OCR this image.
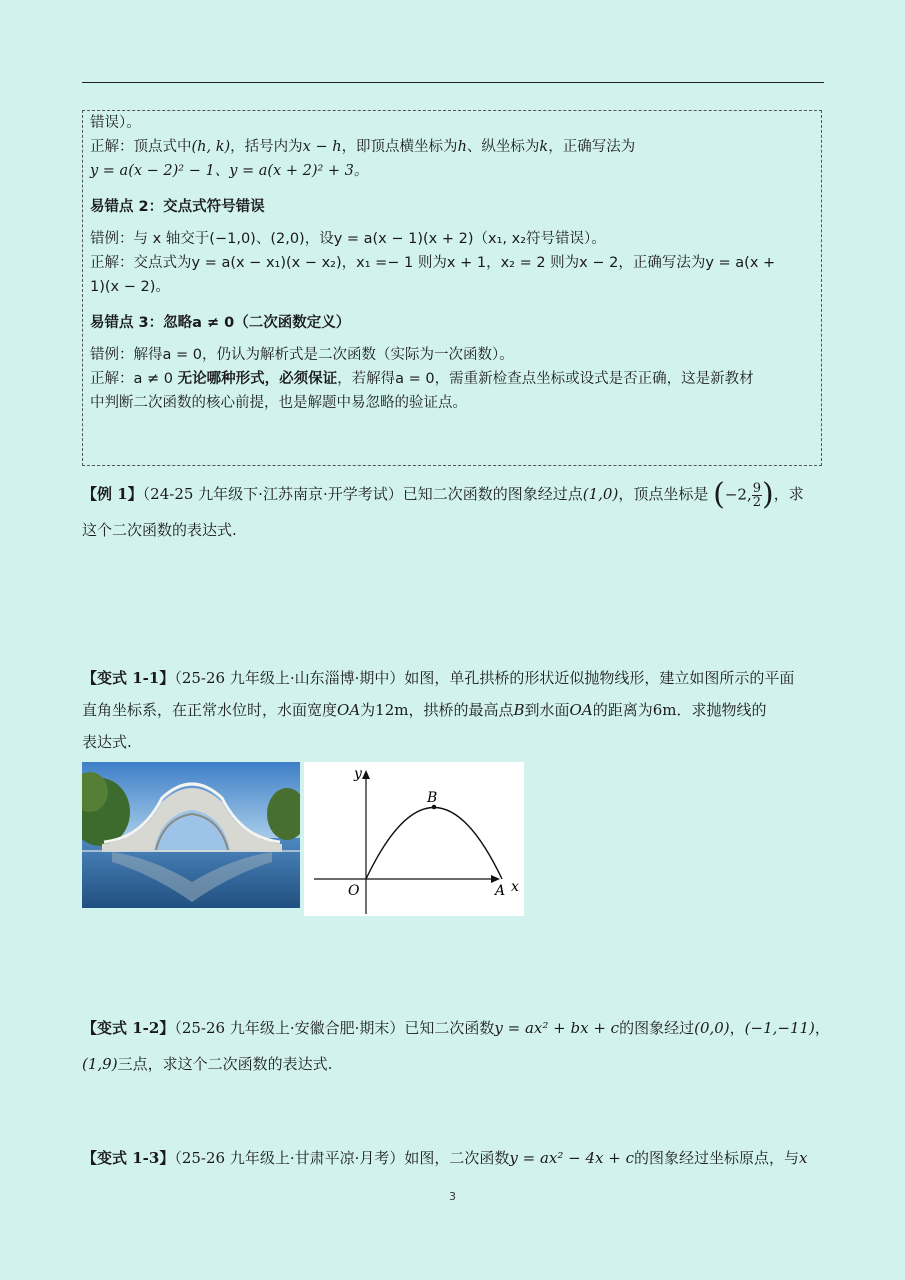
错误）。
正解：顶点式中(h, k)，括号内为x − h，即顶点横坐标为h、纵坐标为k，正确写法为
y = a(x − 2)² − 1、y = a(x + 2)² + 3。
易错点 2：交点式符号错误
错例：与 x 轴交于(−1,0)、(2,0)，设y = a(x − 1)(x + 2)（x₁, x₂符号错误）。
正解：交点式为y = a(x − x₁)(x − x₂)，x₁ =− 1 则为x + 1，x₂ = 2 则为x − 2，正确写法为y = a(x +
1)(x − 2)。
易错点 3：忽略a ≠ 0（二次函数定义）
错例：解得a = 0，仍认为解析式是二次函数（实际为一次函数）。
正解：a ≠ 0 无论哪种形式，必须保证，若解得a = 0，需重新检查点坐标或设式是否正确，这是新教材
中判断二次函数的核心前提，也是解题中易忽略的验证点。
【例 1】（24-25 九年级下·江苏南京·开学考试）已知二次函数的图象经过点(1,0)，顶点坐标是 (−2, $\frac{9}{2}$ )，求
这个二次函数的表达式.
【变式 1-1】（25-26 九年级上·山东淄博·期中）如图，单孔拱桥的形状近似抛物线形，建立如图所示的平面
直角坐标系，在正常水位时，水面宽度OA为12m，拱桥的最高点B到水面OA的距离为6m．求抛物线的
表达式.
y
x
O	A
B
【变式 1-2】（25-26 九年级上·安徽合肥·期末）已知二次函数y = ax² + bx + c的图象经过(0,0)，(−1,−11)，
(1,9)三点，求这个二次函数的表达式.
【变式 1-3】（25-26 九年级上·甘肃平凉·月考）如图，二次函数y = ax² − 4x + c的图象经过坐标原点，与x
3
